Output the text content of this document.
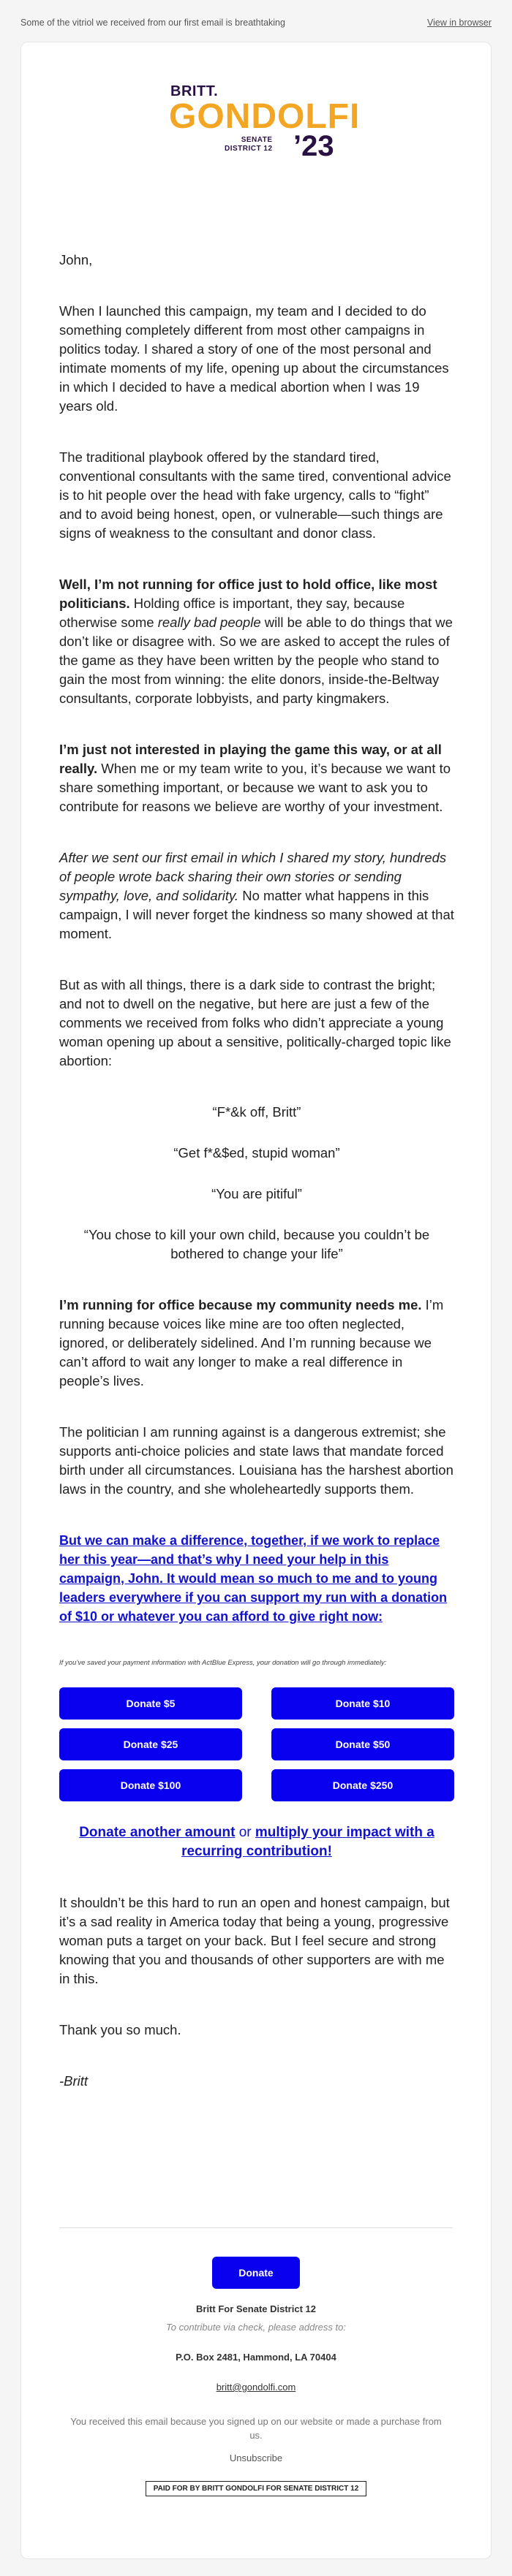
Some of the vitriol we received from our first email is breathtaking	View in browser
BRITT.
GONDOLFI
SENATE
DISTRICT 12 ’23

John,

When I launched this campaign, my team and I decided to do something completely different from most other campaigns in politics today. I shared a story of one of the most personal and intimate moments of my life, opening up about the circumstances in which I decided to have a medical abortion when I was 19 years old.

The traditional playbook offered by the standard tired, conventional consultants with the same tired, conventional advice is to hit people over the head with fake urgency, calls to “fight” and to avoid being honest, open, or vulnerable—such things are signs of weakness to the consultant and donor class.

Well, I’m not running for office just to hold office, like most politicians. Holding office is important, they say, because otherwise some really bad people will be able to do things that we don’t like or disagree with. So we are asked to accept the rules of the game as they have been written by the people who stand to gain the most from winning: the elite donors, inside-the-Beltway consultants, corporate lobbyists, and party kingmakers.

I’m just not interested in playing the game this way, or at all really. When me or my team write to you, it’s because we want to share something important, or because we want to ask you to contribute for reasons we believe are worthy of your investment.

After we sent our first email in which I shared my story, hundreds of people wrote back sharing their own stories or sending sympathy, love, and solidarity. No matter what happens in this campaign, I will never forget the kindness so many showed at that moment.

But as with all things, there is a dark side to contrast the bright; and not to dwell on the negative, but here are just a few of the comments we received from folks who didn’t appreciate a young woman opening up about a sensitive, politically-charged topic like abortion:

“F*&k off, Britt”

“Get f*&$ed, stupid woman”

“You are pitiful”

“You chose to kill your own child, because you couldn’t be bothered to change your life”

I’m running for office because my community needs me. I’m running because voices like mine are too often neglected, ignored, or deliberately sidelined. And I’m running because we can’t afford to wait any longer to make a real difference in people’s lives.

The politician I am running against is a dangerous extremist; she supports anti-choice policies and state laws that mandate forced birth under all circumstances. Louisiana has the harshest abortion laws in the country, and she wholeheartedly supports them.

But we can make a difference, together, if we work to replace her this year—and that’s why I need your help in this campaign, John. It would mean so much to me and to young leaders everywhere if you can support my run with a donation of $10 or whatever you can afford to give right now:

If you’ve saved your payment information with ActBlue Express, your donation will go through immediately:

Donate $5	Donate $10
Donate $25	Donate $50
Donate $100	Donate $250

Donate another amount or multiply your impact with a recurring contribution!

It shouldn’t be this hard to run an open and honest campaign, but it’s a sad reality in America today that being a young, progressive woman puts a target on your back. But I feel secure and strong knowing that you and thousands of other supporters are with me in this.

Thank you so much.

-Britt

Donate
Britt For Senate District 12
To contribute via check, please address to:
P.O. Box 2481, Hammond, LA 70404
britt@gondolfi.com
You received this email because you signed up on our website or made a purchase from us.
Unsubscribe
PAID FOR BY BRITT GONDOLFI FOR SENATE DISTRICT 12
